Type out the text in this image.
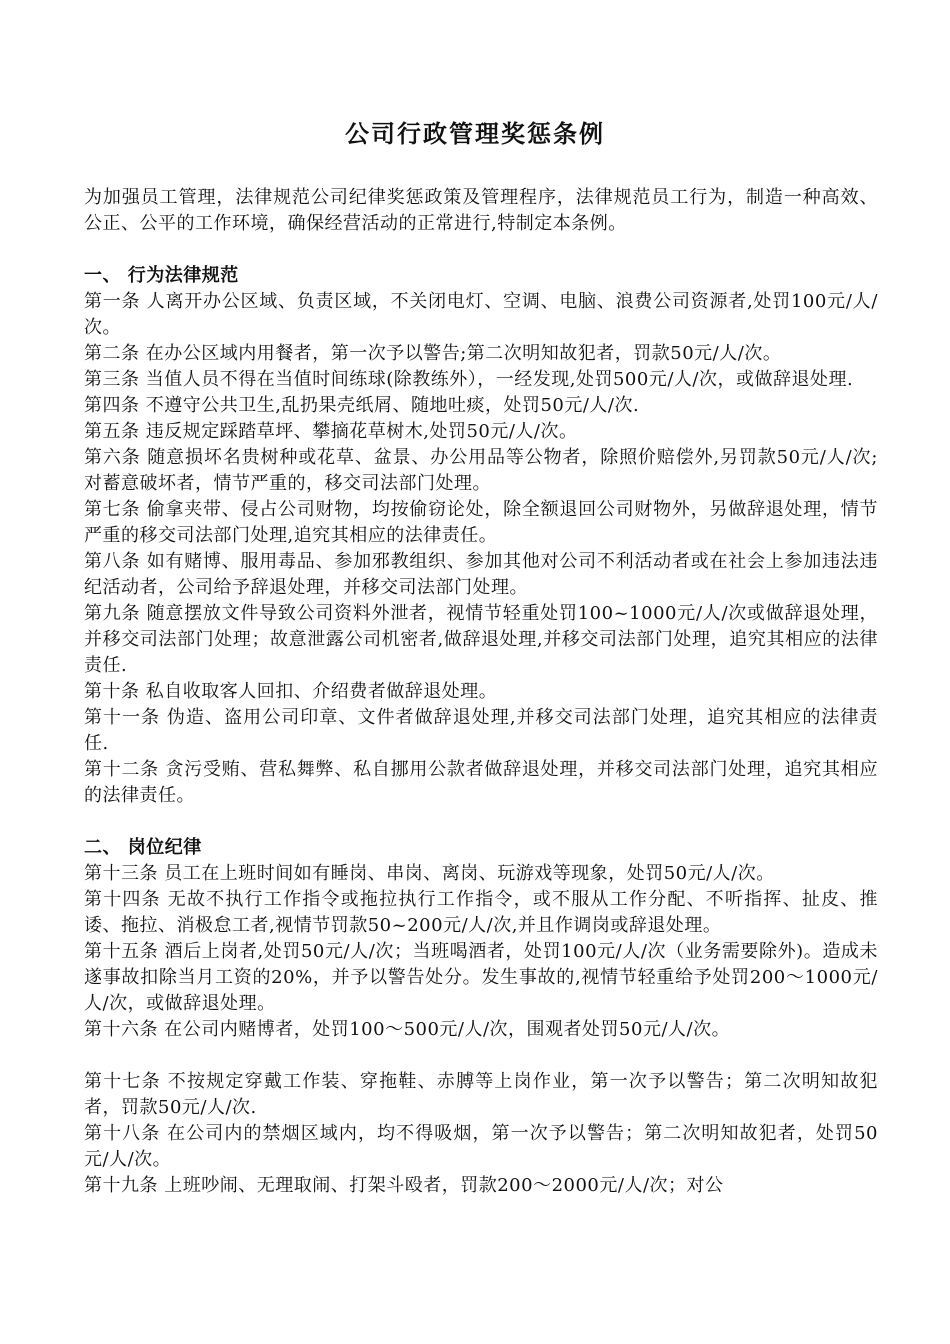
公司行政管理奖惩条例

为加强员工管理，法律规范公司纪律奖惩政策及管理程序，法律规范员工行为，制造一种高效、公正、公平的工作环境，确保经营活动的正常进行,特制定本条例。

一、 行为法律规范

第一条 人离开办公区域、负责区域，不关闭电灯、空调、电脑、浪费公司资源者,处罚100元/人/次。

第二条 在办公区域内用餐者，第一次予以警告;第二次明知故犯者，罚款50元/人/次。

第三条 当值人员不得在当值时间练球(除教练外），一经发现,处罚500元/人/次，或做辞退处理.

第四条 不遵守公共卫生,乱扔果壳纸屑、随地吐痰，处罚50元/人/次.

第五条 违反规定踩踏草坪、攀摘花草树木,处罚50元/人/次。

第六条 随意损坏名贵树种或花草、盆景、办公用品等公物者，除照价赔偿外,另罚款50元/人/次;对蓄意破坏者，情节严重的，移交司法部门处理。

第七条 偷拿夹带、侵占公司财物，均按偷窃论处，除全额退回公司财物外，另做辞退处理，情节严重的移交司法部门处理,追究其相应的法律责任。

第八条 如有赌博、服用毒品、参加邪教组织、参加其他对公司不利活动者或在社会上参加违法违纪活动者，公司给予辞退处理，并移交司法部门处理。

第九条 随意摆放文件导致公司资料外泄者，视情节轻重处罚100~1000元/人/次或做辞退处理，并移交司法部门处理；故意泄露公司机密者,做辞退处理,并移交司法部门处理，追究其相应的法律责任.

第十条 私自收取客人回扣、介绍费者做辞退处理。

第十一条 伪造、盗用公司印章、文件者做辞退处理,并移交司法部门处理，追究其相应的法律责任.

第十二条 贪污受贿、营私舞弊、私自挪用公款者做辞退处理，并移交司法部门处理，追究其相应的法律责任。

二、 岗位纪律

第十三条 员工在上班时间如有睡岗、串岗、离岗、玩游戏等现象，处罚50元/人/次。

第十四条 无故不执行工作指令或拖拉执行工作指令，或不服从工作分配、不听指挥、扯皮、推诿、拖拉、消极怠工者,视情节罚款50~200元/人/次,并且作调岗或辞退处理。

第十五条 酒后上岗者,处罚50元/人/次；当班喝酒者，处罚100元/人/次（业务需要除外)。造成未遂事故扣除当月工资的20%，并予以警告处分。发生事故的,视情节轻重给予处罚200～1000元/人/次，或做辞退处理。

第十六条 在公司内赌博者，处罚100～500元/人/次，围观者处罚50元/人/次。

第十七条 不按规定穿戴工作装、穿拖鞋、赤膊等上岗作业，第一次予以警告；第二次明知故犯者，罚款50元/人/次.

第十八条 在公司内的禁烟区域内，均不得吸烟，第一次予以警告；第二次明知故犯者，处罚50元/人/次。

第十九条 上班吵闹、无理取闹、打架斗殴者，罚款200～2000元/人/次；对公
